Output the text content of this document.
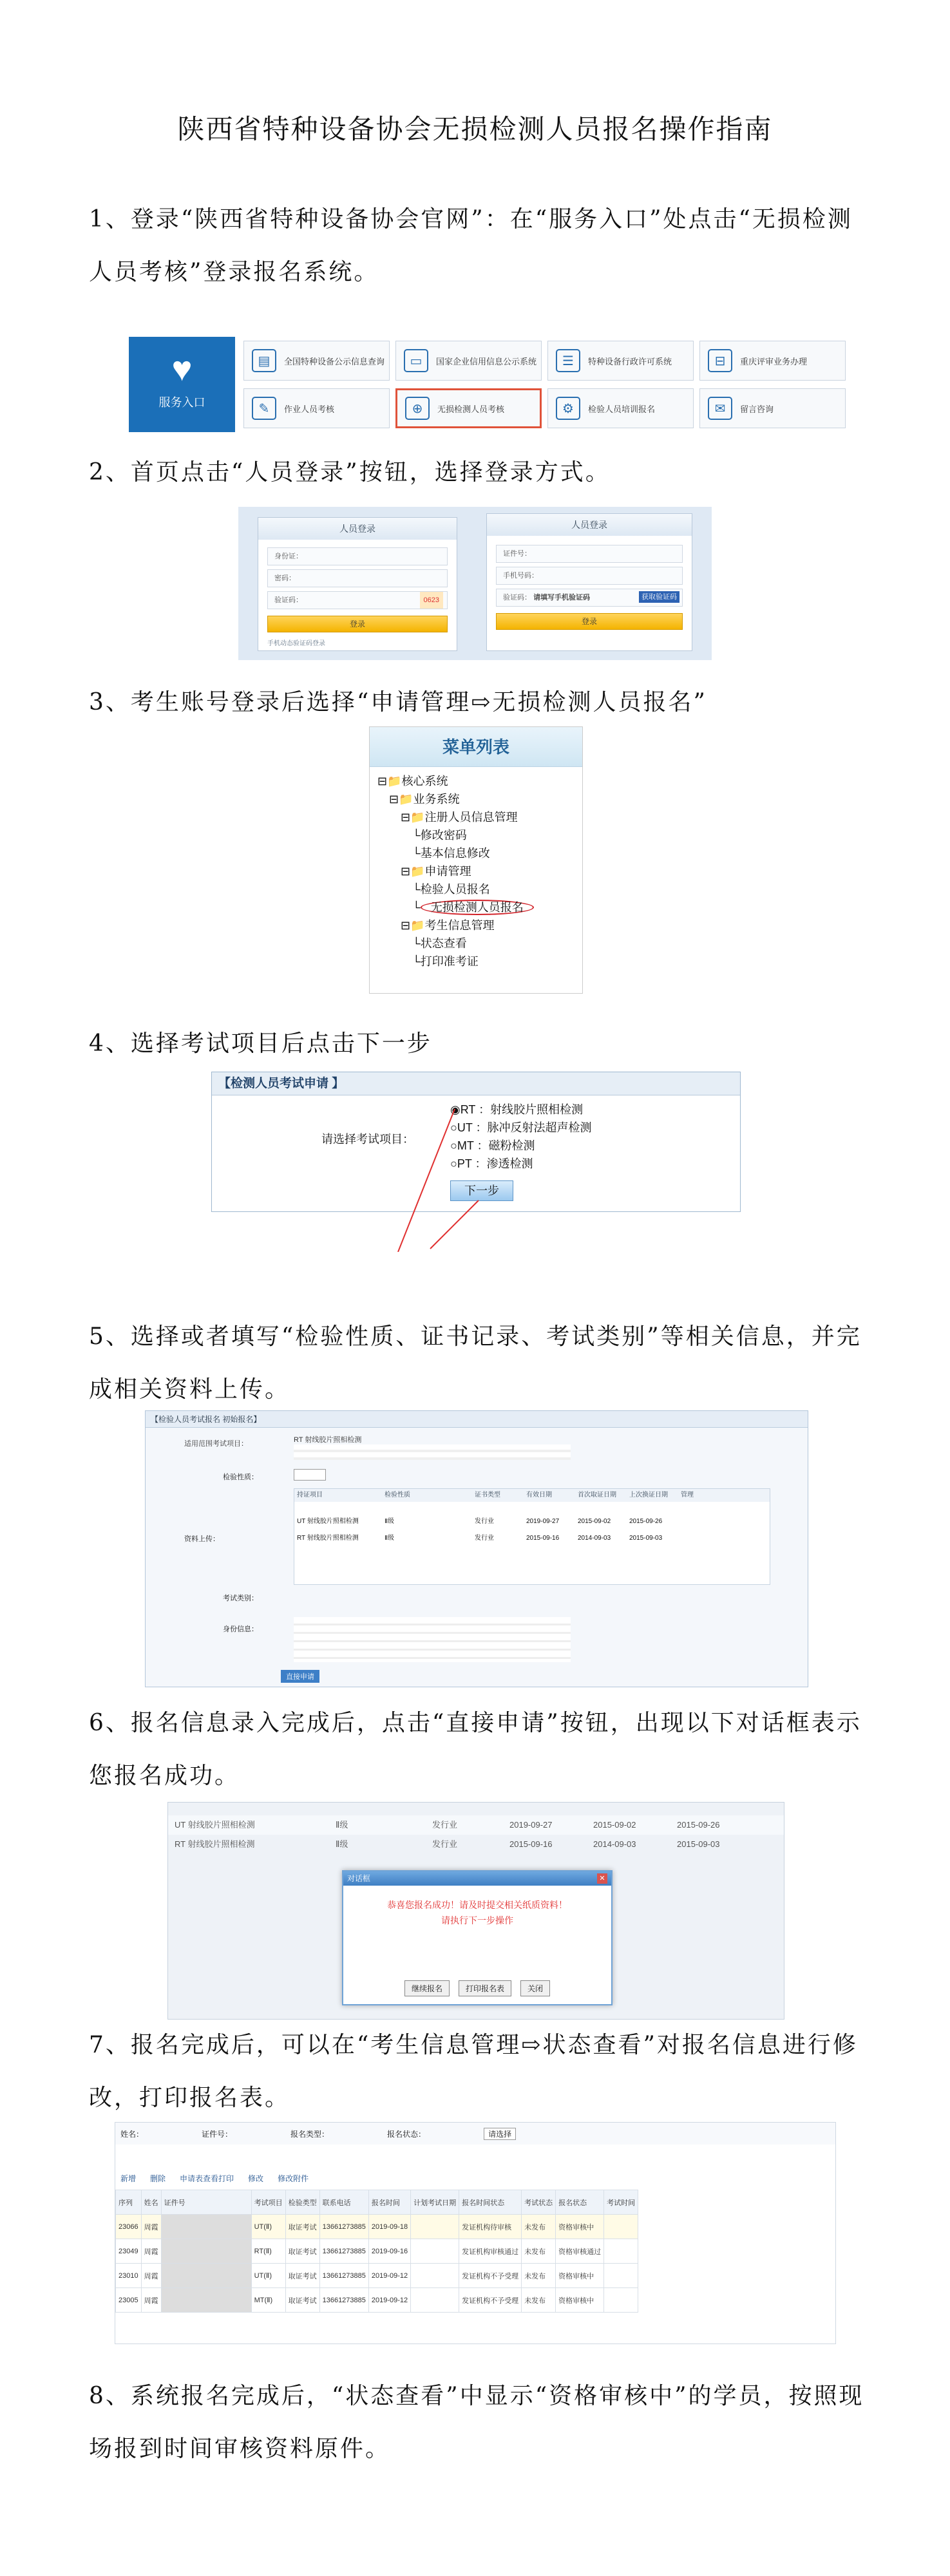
陕西省特种设备协会无损检测人员报名操作指南
1、登录“陕西省特种设备协会官网”：在“服务入口”处点击“无损检测人员考核”登录报名系统。
♥
服务入口
▤	全国特种设备公示信息查询	▭	国家企业信用信息公示系统	☰	特种设备行政许可系统	⊟	重庆评审业务办理
✎	作业人员考核	⊕	无损检测人员考核	⚙	检验人员培训报名	✉	留言咨询
2、首页点击“人员登录”按钮，选择登录方式。
人员登录
身份证：
密码：
验证码：	0623
登录
手机动态验证码登录
人员登录
证件号：
手机号码：
验证码： 请填写手机验证码	获取验证码
登录
3、考生账号登录后选择“申请管理⇨无损检测人员报名”
菜单列表
⊟📁核心系统
⊟📁业务系统
⊟📁注册人员信息管理
└修改密码
└基本信息修改
⊟📁申请管理
└检验人员报名
└ 无损检测人员报名
⊟📁考生信息管理
└状态查看
└打印准考证
4、选择考试项目后点击下一步
【检测人员考试申请 】
请选择考试项目：
◉RT ：射线胶片照相检测
○UT ：脉冲反射法超声检测
○MT ：磁粉检测
○PT ：渗透检测
下一步
5、选择或者填写“检验性质、证书记录、考试类别”等相关信息，并完成相关资料上传。
【检验人员考试报名 初始报名】
适用范围考试项目：	RT 射线胶片照相检测
检验性质：
资料上传：
持证项目	检验性质	证书类型	有效日期	首次取证日期	上次换证日期	管理
UT 射线胶片照相检测	Ⅱ级	发行业	2019-09-27	2015-09-02	2015-09-26
RT 射线胶片照相检测	Ⅱ级	发行业	2015-09-16	2014-09-03	2015-09-03
考试类别：
身份信息：
直接申请
6、报名信息录入完成后，点击“直接申请”按钮，出现以下对话框表示您报名成功。
UT 射线胶片照相检测	Ⅱ级	发行业	2019-09-27	2015-09-02	2015-09-26
RT 射线胶片照相检测	Ⅱ级	发行业	2015-09-16	2014-09-03	2015-09-03
对话框	✕
恭喜您报名成功！请及时提交相关纸质资料！
请执行下一步操作
继续报名	打印报名表	关闭
7、报名完成后，可以在“考生信息管理⇨状态查看”对报名信息进行修改，打印报名表。
姓名：	证件号：	报名类型：	报名状态：	请选择
新增 删除 申请表查看打印 修改 修改附件
序列	姓名	证件号	考试项目	检验类型	联系电话	报名时间	计划考试日期	报名时间状态	考试状态	报名状态	考试时间
23066	周霞		UT(Ⅱ)	取证考试	13661273885	2019-09-18		发证机构待审核	未发布	资格审核中	
23049	周霞		RT(Ⅱ)	取证考试	13661273885	2019-09-16		发证机构审核通过	未发布	资格审核通过	
23010	周霞		UT(Ⅱ)	取证考试	13661273885	2019-09-12		发证机构不予受理	未发布	资格审核中	
23005	周霞		MT(Ⅱ)	取证考试	13661273885	2019-09-12		发证机构不予受理	未发布	资格审核中	
8、系统报名完成后，“状态查看”中显示“资格审核中”的学员，按照现场报到时间审核资料原件。
